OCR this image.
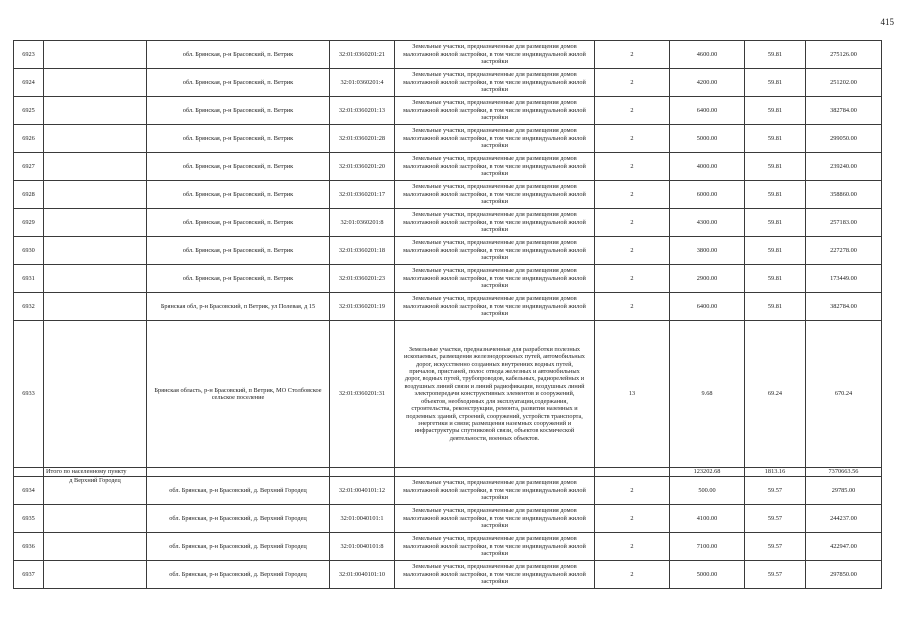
415
6923		обл. Брянская, р-н Брасовский, п. Ветрик	32:01:0360201:21	Земельные участки, предназначенные для размещения домов малоэтажной жилой застройки, в том числе индивидуальной жилой застройки	2	4600.00	59.81	275126.00
6924		обл. Брянская, р-н Брасовский, п. Ветрик	32:01:0360201:4	Земельные участки, предназначенные для размещения домов малоэтажной жилой застройки, в том числе индивидуальной жилой застройки	2	4200.00	59.81	251202.00
6925		обл. Брянская, р-н Брасовский, п. Ветрик	32:01:0360201:13	Земельные участки, предназначенные для размещения домов малоэтажной жилой застройки, в том числе индивидуальной жилой застройки	2	6400.00	59.81	382784.00
6926		обл. Брянская, р-н Брасовский, п. Ветрик	32:01:0360201:28	Земельные участки, предназначенные для размещения домов малоэтажной жилой застройки, в том числе индивидуальной жилой застройки	2	5000.00	59.81	299050.00
6927		обл. Брянская, р-н Брасовский, п. Ветрик	32:01:0360201:20	Земельные участки, предназначенные для размещения домов малоэтажной жилой застройки, в том числе индивидуальной жилой застройки	2	4000.00	59.81	239240.00
6928		обл. Брянская, р-н Брасовский, п. Ветрик	32:01:0360201:17	Земельные участки, предназначенные для размещения домов малоэтажной жилой застройки, в том числе индивидуальной жилой застройки	2	6000.00	59.81	358860.00
6929		обл. Брянская, р-н Брасовский, п. Ветрик	32:01:0360201:8	Земельные участки, предназначенные для размещения домов малоэтажной жилой застройки, в том числе индивидуальной жилой застройки	2	4300.00	59.81	257183.00
6930		обл. Брянская, р-н Брасовский, п. Ветрик	32:01:0360201:18	Земельные участки, предназначенные для размещения домов малоэтажной жилой застройки, в том числе индивидуальной жилой застройки	2	3800.00	59.81	227278.00
6931		обл. Брянская, р-н Брасовский, п. Ветрик	32:01:0360201:23	Земельные участки, предназначенные для размещения домов малоэтажной жилой застройки, в том числе индивидуальной жилой застройки	2	2900.00	59.81	173449.00
6932		Брянская обл, р-н Брасовский, п Ветрик, ул Полевая, д 15	32:01:0360201:19	Земельные участки, предназначенные для размещения домов малоэтажной жилой застройки, в том числе индивидуальной жилой застройки	2	6400.00	59.81	382784.00
6933		Брянская область, р-н Брасовский, п Ветрик, МО Столбовское сельское поселение	32:01:0360201:31	Земельные участки, предназначенные для разработки полезных ископаемых, размещения железнодорожных путей, автомобильных дорог, искусственно созданных внутренних водных путей, причалов, пристаней, полос отвода железных и автомобильных дорог, водных путей, трубопроводов, кабельных, радиорелейных и воздушных линий связи и линий радиофикации, воздушных линий электропередачи конструктивных элементов и сооружений, объектов, необходимых для эксплуатации,содержания, строительства, реконструкции, ремонта, развития наземных и подземных зданий, строений, сооружений, устройств транспорта, энергетики и связи; размещения наземных сооружений и инфраструктуры спутниковой связи, объектов космической деятельности, военных объектов.	13	9.68	69.24	670.24
	Итого по населенному пункту					123202.68	1813.16	7370663.56
6934	д Верхний Городец	обл. Брянская, р-н Брасовский, д. Верхний Городец	32:01:0040101:12	Земельные участки, предназначенные для размещения домов малоэтажной жилой застройки, в том числе индивидуальной жилой застройки	2	500.00	59.57	29785.00
6935		обл. Брянская, р-н Брасовский, д. Верхний Городец	32:01:0040101:1	Земельные участки, предназначенные для размещения домов малоэтажной жилой застройки, в том числе индивидуальной жилой застройки	2	4100.00	59.57	244237.00
6936		обл. Брянская, р-н Брасовский, д. Верхний Городец	32:01:0040101:8	Земельные участки, предназначенные для размещения домов малоэтажной жилой застройки, в том числе индивидуальной жилой застройки	2	7100.00	59.57	422947.00
6937		обл. Брянская, р-н Брасовский, д. Верхний Городец	32:01:0040101:10	Земельные участки, предназначенные для размещения домов малоэтажной жилой застройки, в том числе индивидуальной жилой застройки	2	5000.00	59.57	297850.00
